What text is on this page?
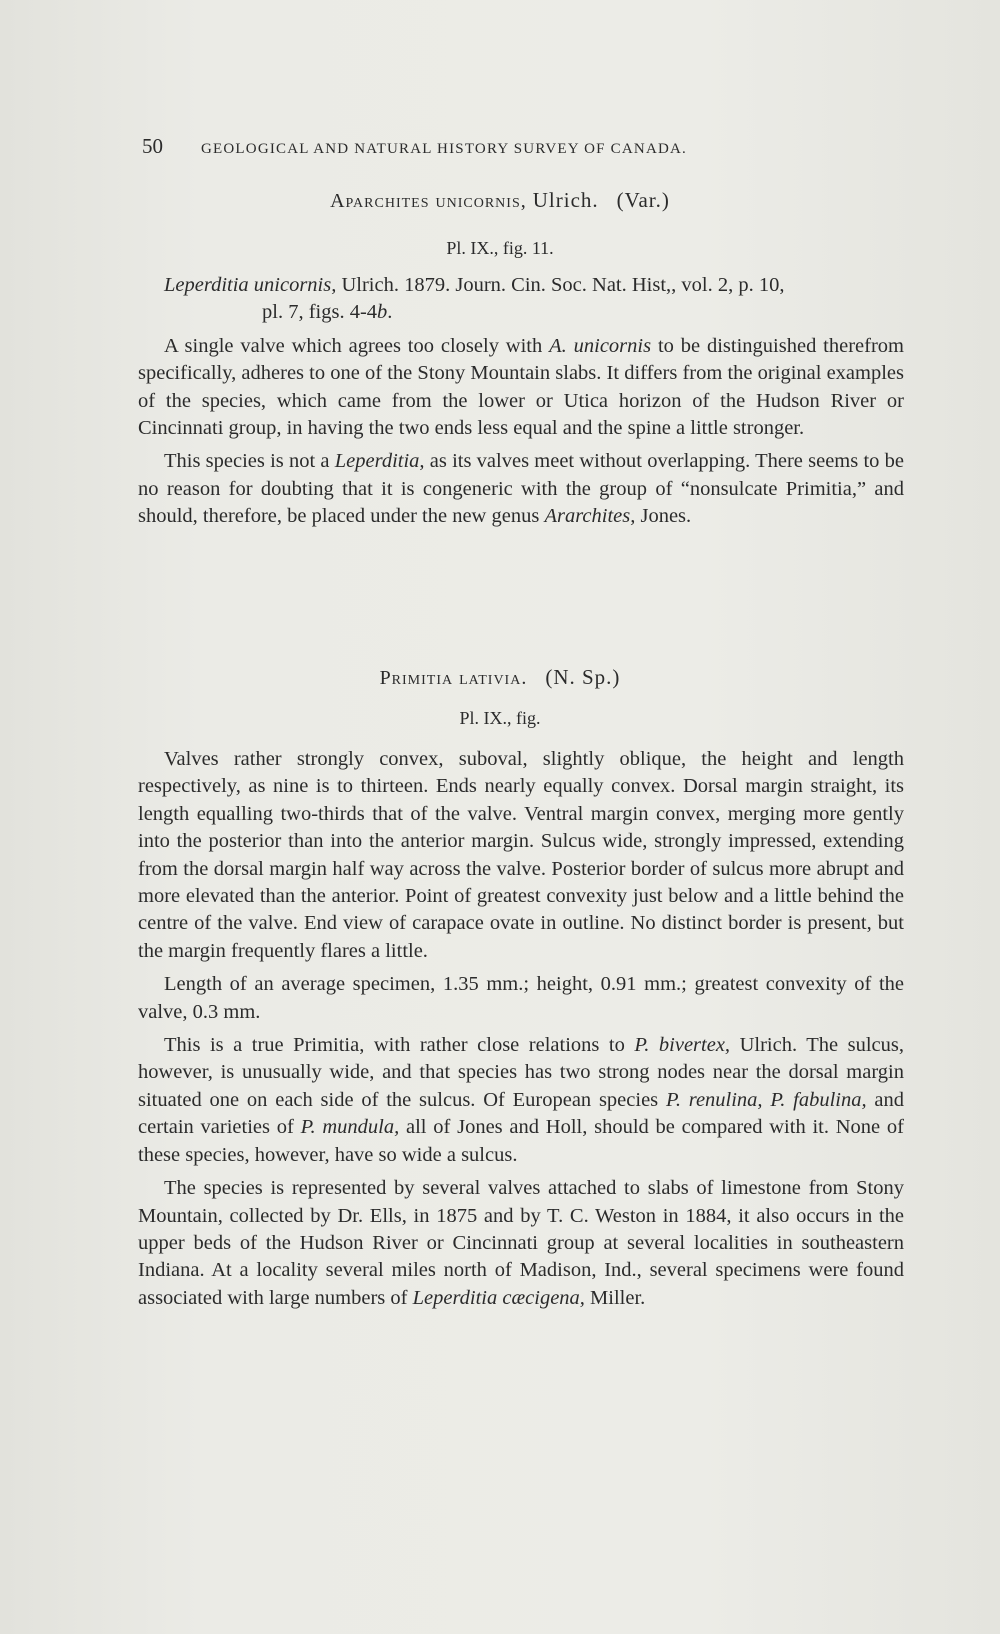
50	GEOLOGICAL AND NATURAL HISTORY SURVEY OF CANADA.
Aparchites unicornis, Ulrich. (Var.)
Pl. IX., fig. 11.

Leperditia unicornis, Ulrich. 1879. Journ. Cin. Soc. Nat. Hist,, vol. 2, p. 10,
pl. 7, figs. 4-4b.

A single valve which agrees too closely with A. unicornis to be distinguished therefrom specifically, adheres to one of the Stony Mountain slabs. It differs from the original examples of the species, which came from the lower or Utica horizon of the Hudson River or Cincinnati group, in having the two ends less equal and the spine a little stronger.

This species is not a Leperditia, as its valves meet without overlapping. There seems to be no reason for doubting that it is congeneric with the group of “nonsulcate Primitia,” and should, therefore, be placed under the new genus Ararchites, Jones.

Primitia lativia. (N. Sp.)
Pl. IX., fig.

Valves rather strongly convex, suboval, slightly oblique, the height and length respectively, as nine is to thirteen. Ends nearly equally convex. Dorsal margin straight, its length equalling two-thirds that of the valve. Ventral margin convex, merging more gently into the posterior than into the anterior margin. Sulcus wide, strongly impressed, extending from the dorsal margin half way across the valve. Posterior border of sulcus more abrupt and more elevated than the anterior. Point of greatest convexity just below and a little behind the centre of the valve. End view of carapace ovate in outline. No distinct border is present, but the margin frequently flares a little.

Length of an average specimen, 1.35 mm.; height, 0.91 mm.; greatest convexity of the valve, 0.3 mm.

This is a true Primitia, with rather close relations to P. bivertex, Ulrich. The sulcus, however, is unusually wide, and that species has two strong nodes near the dorsal margin situated one on each side of the sulcus. Of European species P. renulina, P. fabulina, and certain varieties of P. mundula, all of Jones and Holl, should be compared with it. None of these species, however, have so wide a sulcus.

The species is represented by several valves attached to slabs of limestone from Stony Mountain, collected by Dr. Ells, in 1875 and by T. C. Weston in 1884, it also occurs in the upper beds of the Hudson River or Cincinnati group at several localities in southeastern Indiana. At a locality several miles north of Madison, Ind., several specimens were found associated with large numbers of Leperditia cæcigena, Miller.
